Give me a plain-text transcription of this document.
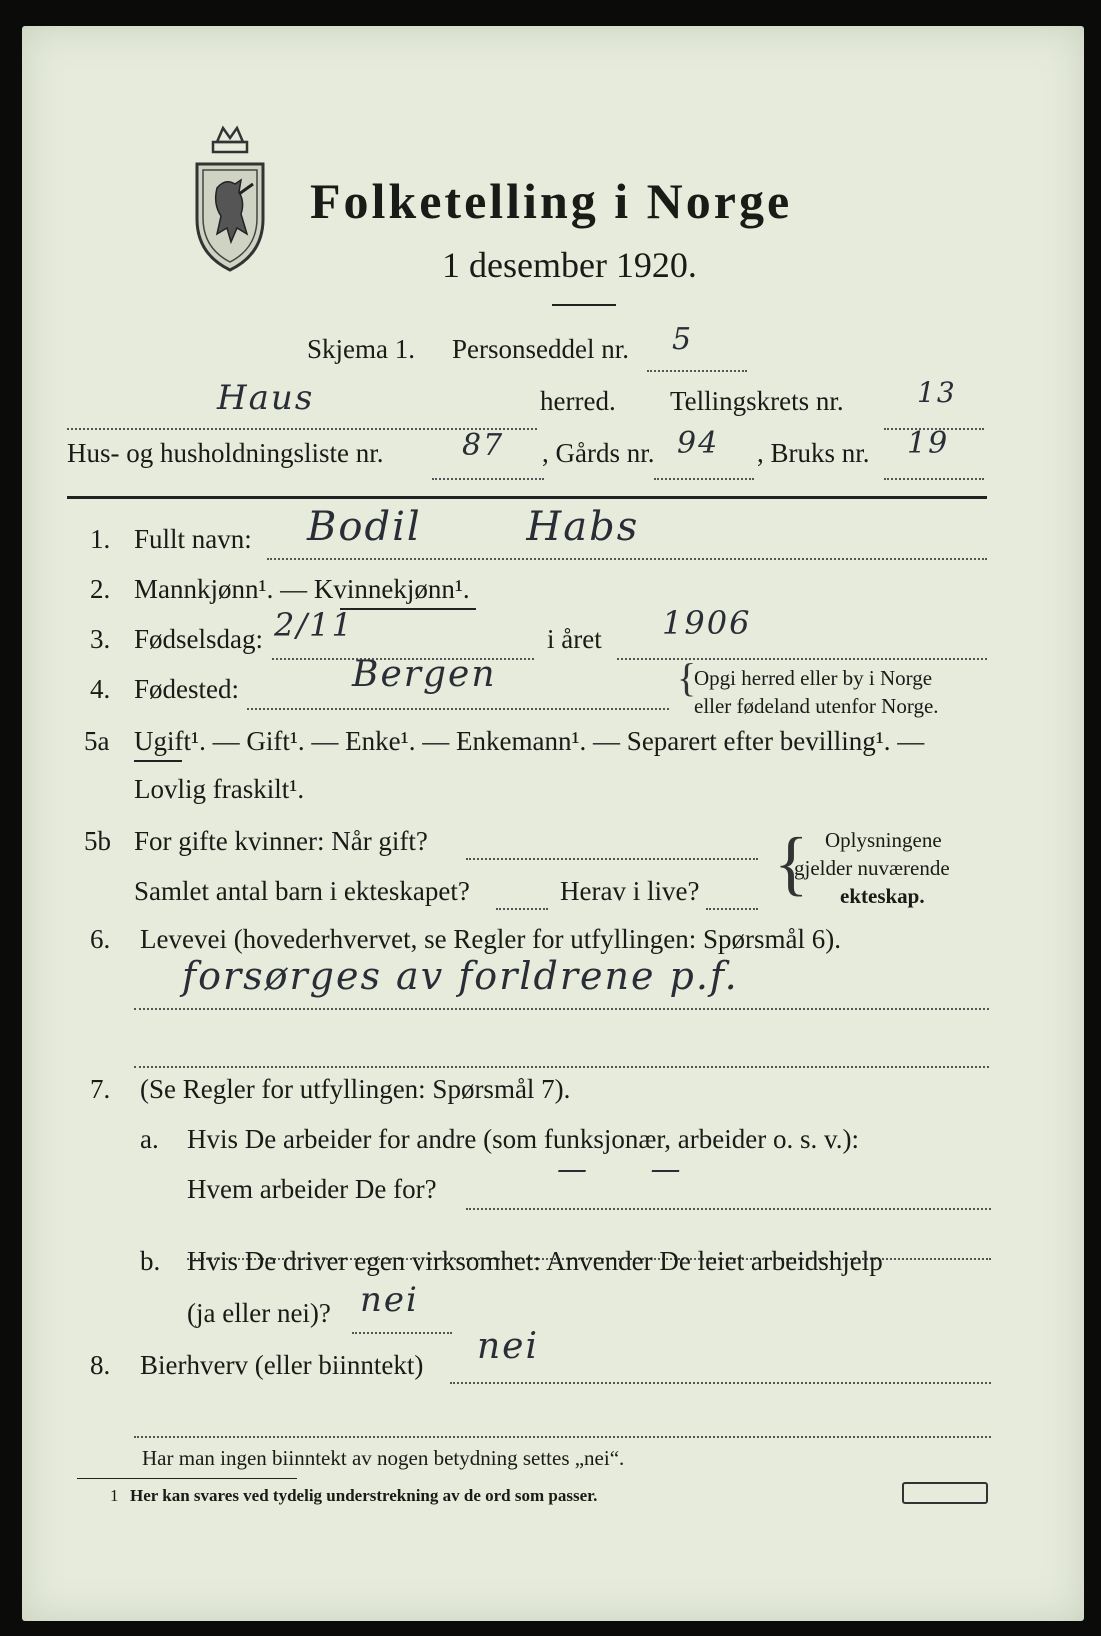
Folketelling i Norge
1 desember 1920.
Skjema 1. Personseddel nr. 5
Haus	herred. Tellingskrets nr.	13
Hus- og husholdningsliste nr.	87 , Gårds nr. 94 , Bruks nr. 19
1. Fullt navn: Bodil Habs
2. Mannkjønn¹. — Kvinnekjønn¹.
3. Fødselsdag: 2/11	i året 1906
4. Fødested:	Bergen	{
Opgi herred eller by i Norge
eller fødeland utenfor Norge.
5a Ugift¹. — Gift¹. — Enke¹. — Enkemann¹. — Separert efter bevilling¹. —
Lovlig fraskilt¹.
5b For gifte kvinner: Når gift?
Samlet antal barn i ekteskapet?	Herav i live? { Oplysningene
gjelder nuværende
ekteskap.
6. Levevei (hovederhvervet, se Regler for utfyllingen: Spørsmål 6).
forsørges av forldrene p.f.
7. (Se Regler for utfyllingen: Spørsmål 7).
a. Hvis De arbeider for andre (som funksjonær, arbeider o. s. v.):
Hvem arbeider De for?
— —
b. Hvis De driver egen virksomhet: Anvender De leiet arbeidshjelp
(ja eller nei)? nei
8. Bierhverv (eller biinntekt) nei
Har man ingen biinntekt av nogen betydning settes „nei“.
1 Her kan svares ved tydelig understrekning av de ord som passer.
